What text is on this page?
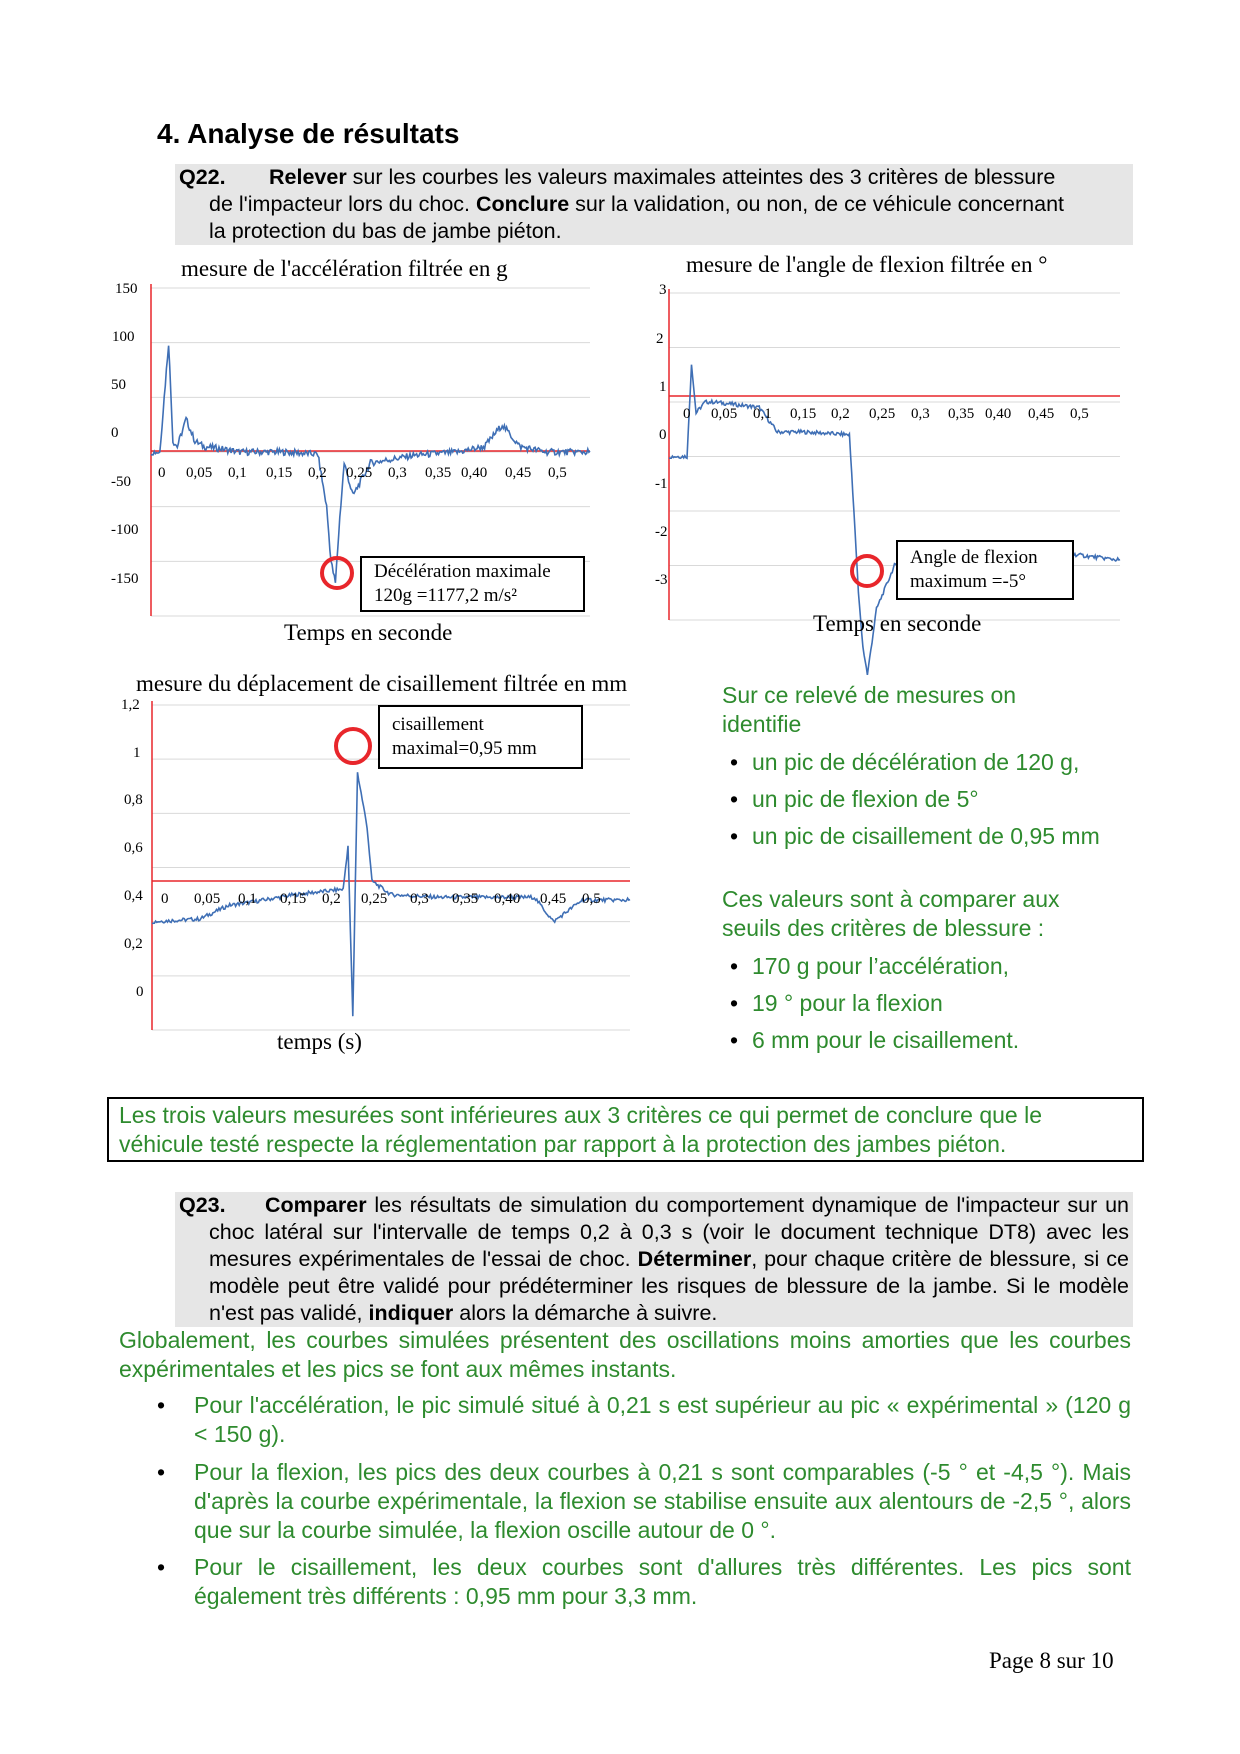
4. Analyse de résultats
Q22. Relever sur les courbes les valeurs maximales atteintes des 3 critères de blessure
de l'impacteur lors du choc. Conclure sur la validation, ou non, de ce véhicule concernant
la protection du bas de jambe piéton.
mesure de l'accélération filtrée en g
150
100
50
0
-50
-100
-150
0 0,05 0,1 0,15 0,2 0,25 0,3 0,35 0,40 0,45 0,5
Décélération maximale
120g =1177,2 m/s²
Temps en seconde
mesure de l'angle de flexion filtrée en °
3
2
1
0
-1
-2
-3
0 0,05 0,1 0,15 0,2 0,25 0,3 0,35 0,40 0,45 0,5
Angle de flexion
maximum =-5°
Temps en seconde
mesure du déplacement de cisaillement filtrée en mm
1,2
1
0,8
0,6
0,4
0,2
0
0 0,05 0,1 0,15 0,2 0,25 0,3 0,35 0,40 0,45 0,5
cisaillement
maximal=0,95 mm
temps (s)
Sur ce relevé de mesures on identifie
• un pic de décélération de 120 g,
• un pic de flexion de 5°
• un pic de cisaillement de 0,95 mm
Ces valeurs sont à comparer aux seuils des critères de blessure :
• 170 g pour l’accélération,
• 19 ° pour la flexion
• 6 mm pour le cisaillement.
Les trois valeurs mesurées sont inférieures aux 3 critères ce qui permet de conclure que le véhicule testé respecte la réglementation par rapport à la protection des jambes piéton.
Q23.	Comparer les résultats de simulation du comportement dynamique de l'impacteur sur un choc latéral sur l'intervalle de temps 0,2 à 0,3 s (voir le document technique DT8) avec les mesures expérimentales de l'essai de choc. Déterminer, pour chaque critère de blessure, si ce modèle peut être validé pour prédéterminer les risques de blessure de la jambe. Si le modèle n'est pas validé, indiquer alors la démarche à suivre.
Globalement, les courbes simulées présentent des oscillations moins amorties que les courbes expérimentales et les pics se font aux mêmes instants.
• Pour l'accélération, le pic simulé situé à 0,21 s est supérieur au pic « expérimental » (120 g < 150 g).
• Pour la flexion, les pics des deux courbes à 0,21 s sont comparables (-5 ° et -4,5 °). Mais d'après la courbe expérimentale, la flexion se stabilise ensuite aux alentours de -2,5 °, alors que sur la courbe simulée, la flexion oscille autour de 0 °.
• Pour le cisaillement, les deux courbes sont d'allures très différentes. Les pics sont également très différents : 0,95 mm pour 3,3 mm.
Page 8 sur 10
